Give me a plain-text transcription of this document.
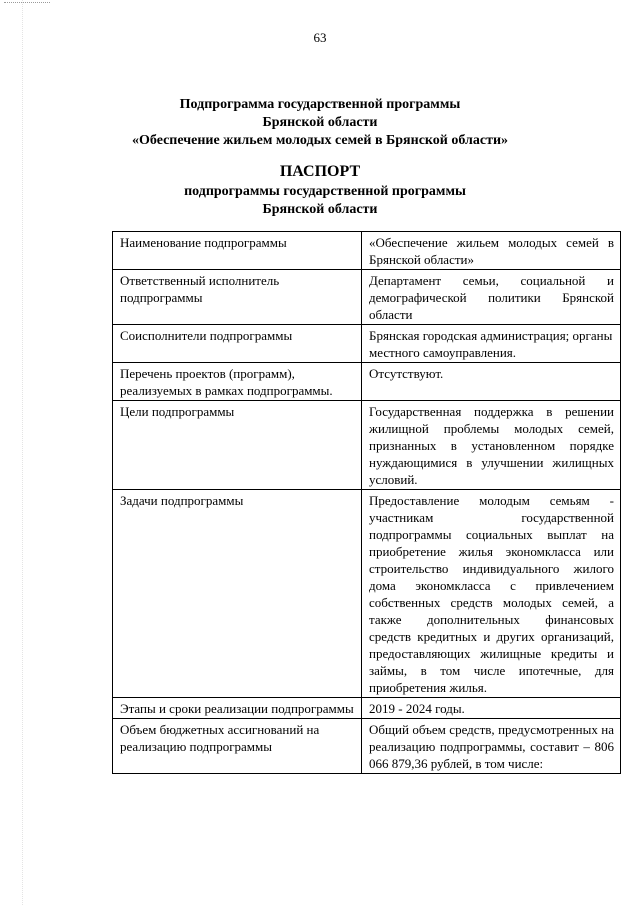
63
Подпрограмма государственной программы
Брянской области
«Обеспечение жильем молодых семей в Брянской области»
ПАСПОРТ
подпрограммы государственной программы
Брянской области
Наименование подпрограммы	«Обеспечение жильем молодых семей в Брянской области»
Ответственный исполнитель подпрограммы	Департамент семьи, социальной и демографической политики Брянской области
Соисполнители подпрограммы	Брянская городская администрация; органы местного самоуправления.
Перечень проектов (программ), реализуемых в рамках подпрограммы.	Отсутствуют.
Цели подпрограммы	Государственная поддержка в решении жилищной проблемы молодых семей, признанных в установленном порядке нуждающимися в улучшении жилищных условий.
Задачи подпрограммы	Предоставление молодым семьям - участникам государственной подпрограммы социальных выплат на приобретение жилья экономкласса или строительство индивидуального жилого дома экономкласса с привлечением собственных средств молодых семей, а также дополнительных финансовых средств кредитных и других организаций, предоставляющих жилищные кредиты и займы, в том числе ипотечные, для приобретения жилья.
Этапы и сроки реализации подпрограммы	2019 - 2024 годы.
Объем бюджетных ассигнований на реализацию подпрограммы	Общий объем средств, предусмотренных на реализацию подпрограммы, составит – 806 066 879,36 рублей, в том числе:
